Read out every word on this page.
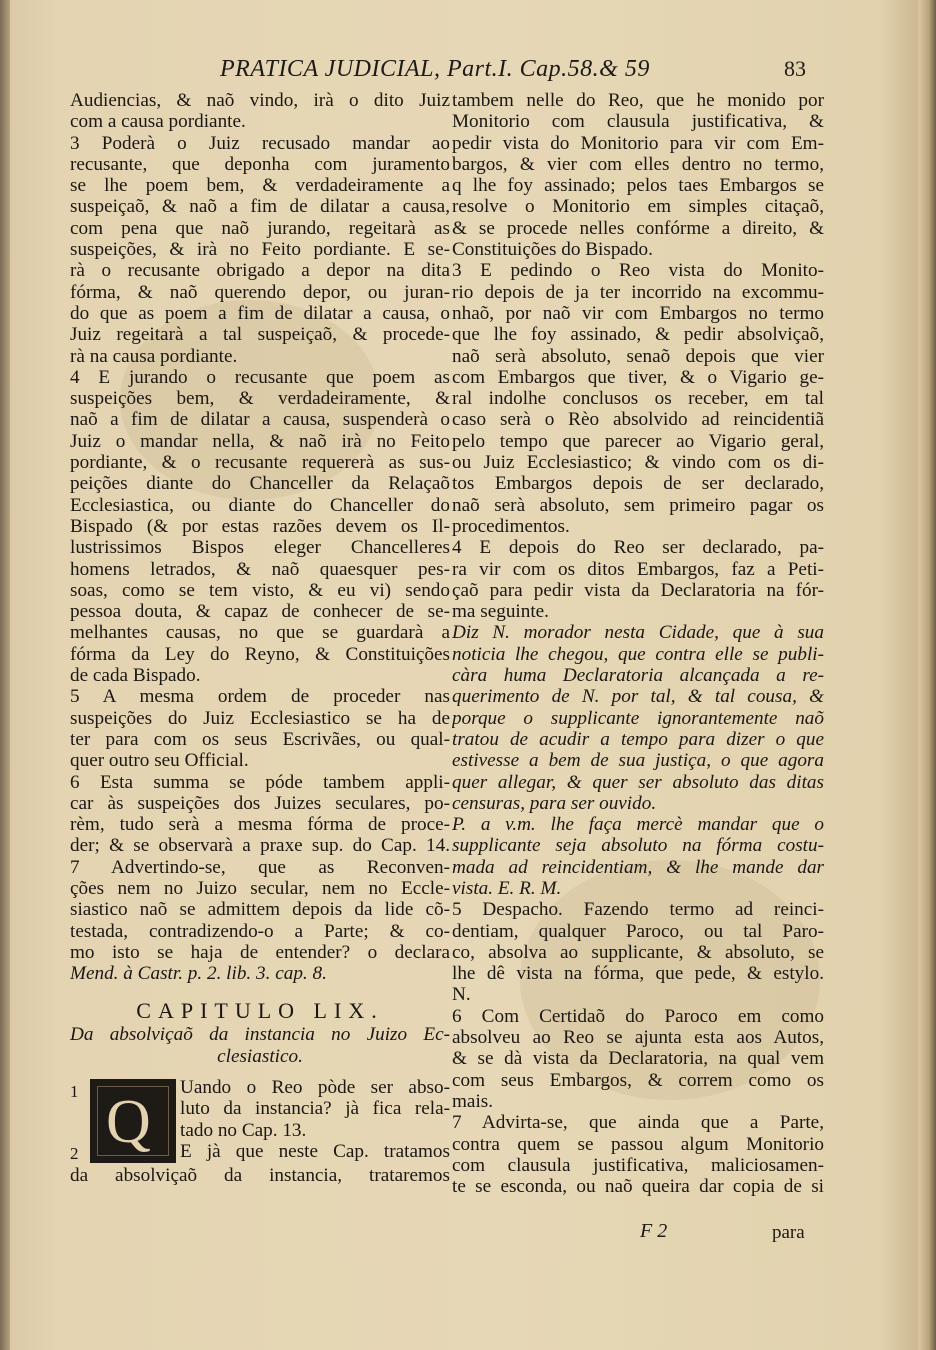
PRATICA JUDICIAL, Part.I. Cap.58.& 59	83
Audiencias, & naõ vindo, irà o dito Juiz
com a causa pordiante.
3 Poderà o Juiz recusado mandar ao
recusante, que deponha com juramento
se lhe poem bem, & verdadeiramente a
suspeiçaõ, & naõ a fim de dilatar a causa,
com pena que naõ jurando, regeitarà as
suspeições, & irà no Feito pordiante. E se-
rà o recusante obrigado a depor na dita
fórma, & naõ querendo depor, ou juran-
do que as poem a fim de dilatar a causa, o
Juiz regeitarà a tal suspeiçaõ, & procede-
rà na causa pordiante.
4 E jurando o recusante que poem as
suspeições bem, & verdadeiramente, &
naõ a fim de dilatar a causa, suspenderà o
Juiz o mandar nella, & naõ irà no Feito
pordiante, & o recusante requererà as sus-
peições diante do Chanceller da Relaçaõ
Ecclesiastica, ou diante do Chanceller do
Bispado (& por estas razões devem os Il-
lustrissimos Bispos eleger Chancelleres
homens letrados, & naõ quaesquer pes-
soas, como se tem visto, & eu vi) sendo
pessoa douta, & capaz de conhecer de se-
melhantes causas, no que se guardarà a
fórma da Ley do Reyno, & Constituições
de cada Bispado.
5 A mesma ordem de proceder nas
suspeições do Juiz Ecclesiastico se ha de
ter para com os seus Escrivães, ou qual-
quer outro seu Official.
6 Esta summa se póde tambem appli-
car às suspeições dos Juizes seculares, po-
rèm, tudo serà a mesma fórma de proce-
der; & se observarà a praxe sup. do Cap. 14.
7 Advertindo-se, que as Reconven-
ções nem no Juizo secular, nem no Eccle-
siastico naõ se admittem depois da lide cõ-
testada, contradizendo-o a Parte; & co-
mo isto se haja de entender? o declara
Mend. à Castr. p. 2. lib. 3. cap. 8.
CAPITULO LIX.
Da absolviçaõ da instancia no Juizo Ec-
clesiastico.
1 Q
Uando o Reo pòde ser abso-
luto da instancia? jà fica rela-
tado no Cap. 13.
2	E jà que neste Cap. tratamos
da absolviçaõ da instancia, trataremos
tambem nelle do Reo, que he monido por
Monitorio com clausula justificativa, &
pedir vista do Monitorio para vir com Em-
bargos, & vier com elles dentro no termo,
q lhe foy assinado; pelos taes Embargos se
resolve o Monitorio em simples citaçaõ,
& se procede nelles confórme a direito, &
Constituições do Bispado.
3 E pedindo o Reo vista do Monito-
rio depois de ja ter incorrido na excommu-
nhaõ, por naõ vir com Embargos no termo
que lhe foy assinado, & pedir absolviçaõ,
naõ serà absoluto, senaõ depois que vier
com Embargos que tiver, & o Vigario ge-
ral indolhe conclusos os receber, em tal
caso serà o Rèo absolvido ad reincidentiã
pelo tempo que parecer ao Vigario geral,
ou Juiz Ecclesiastico; & vindo com os di-
tos Embargos depois de ser declarado,
naõ serà absoluto, sem primeiro pagar os
procedimentos.
4 E depois do Reo ser declarado, pa-
ra vir com os ditos Embargos, faz a Peti-
çaõ para pedir vista da Declaratoria na fór-
ma seguinte.
Diz N. morador nesta Cidade, que à sua
noticia lhe chegou, que contra elle se publi-
càra huma Declaratoria alcançada a re-
querimento de N. por tal, & tal cousa, &
porque o supplicante ignorantemente naõ
tratou de acudir a tempo para dizer o que
estivesse a bem de sua justiça, o que agora
quer allegar, & quer ser absoluto das ditas
censuras, para ser ouvido.
P. a v.m. lhe faça mercè mandar que o
supplicante seja absoluto na fórma costu-
mada ad reincidentiam, & lhe mande dar
vista. E. R. M.
5 Despacho. Fazendo termo ad reinci-
dentiam, qualquer Paroco, ou tal Paro-
co, absolva ao supplicante, & absoluto, se
lhe dê vista na fórma, que pede, & estylo.
N.
6 Com Certidaõ do Paroco em como
absolveu ao Reo se ajunta esta aos Autos,
& se dà vista da Declaratoria, na qual vem
com seus Embargos, & correm como os
mais.
7 Advirta-se, que ainda que a Parte,
contra quem se passou algum Monitorio
com clausula justificativa, maliciosamen-
te se esconda, ou naõ queira dar copia de si
F 2	para
